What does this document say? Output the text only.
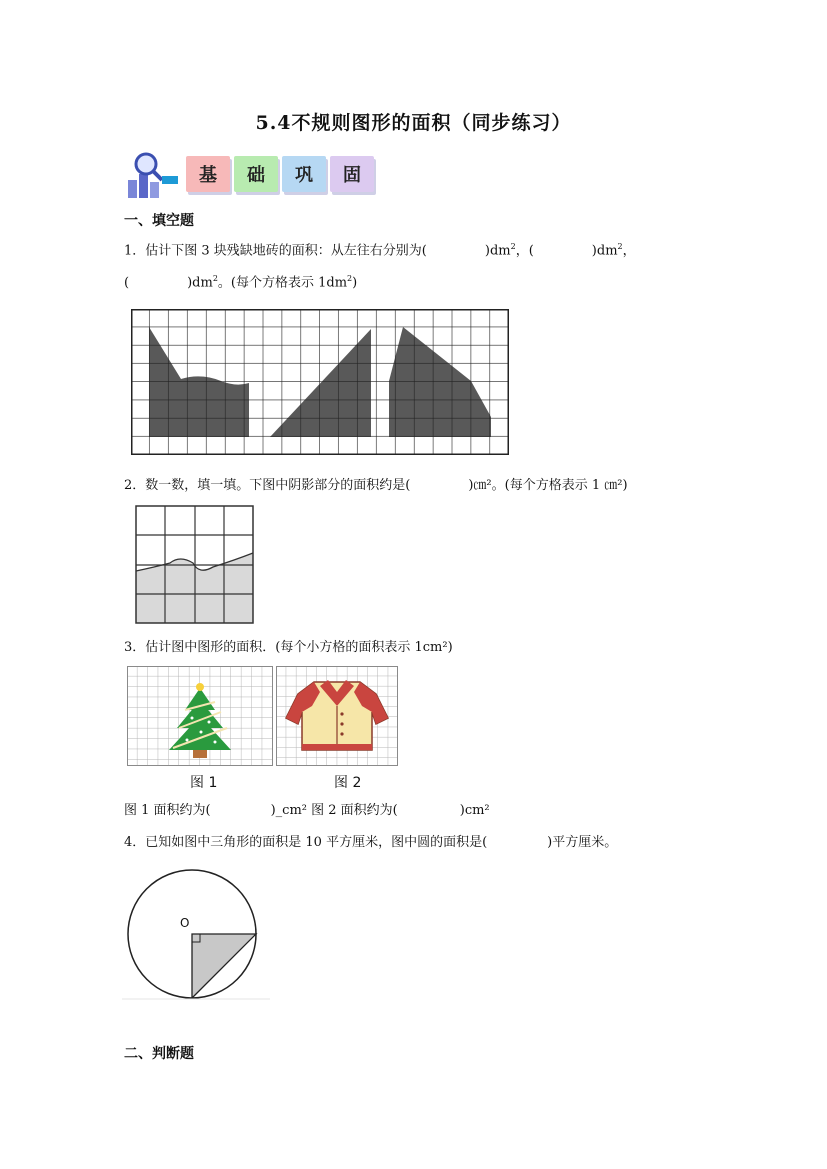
5.4不规则图形的面积（同步练习）
基	础	巩	固
一、填空题
1．估计下图 3 块残缺地砖的面积：从左往右分别为(	)$dm^2$，(	)$dm^2$，
(	)$dm^2$。(每个方格表示 $1dm^2$)
2．数一数，填一填。下图中阴影部分的面积约是(	)㎝²。(每个方格表示 1 ㎝²)
3．估计图中图形的面积．(每个小方格的面积表示 1cm²)
图 1	图 2
图 1 面积约为(	)_cm² 图 2 面积约为(	)cm²
4．已知如图中三角形的面积是 10 平方厘米，图中圆的面积是(	)平方厘米。
O
二、判断题
